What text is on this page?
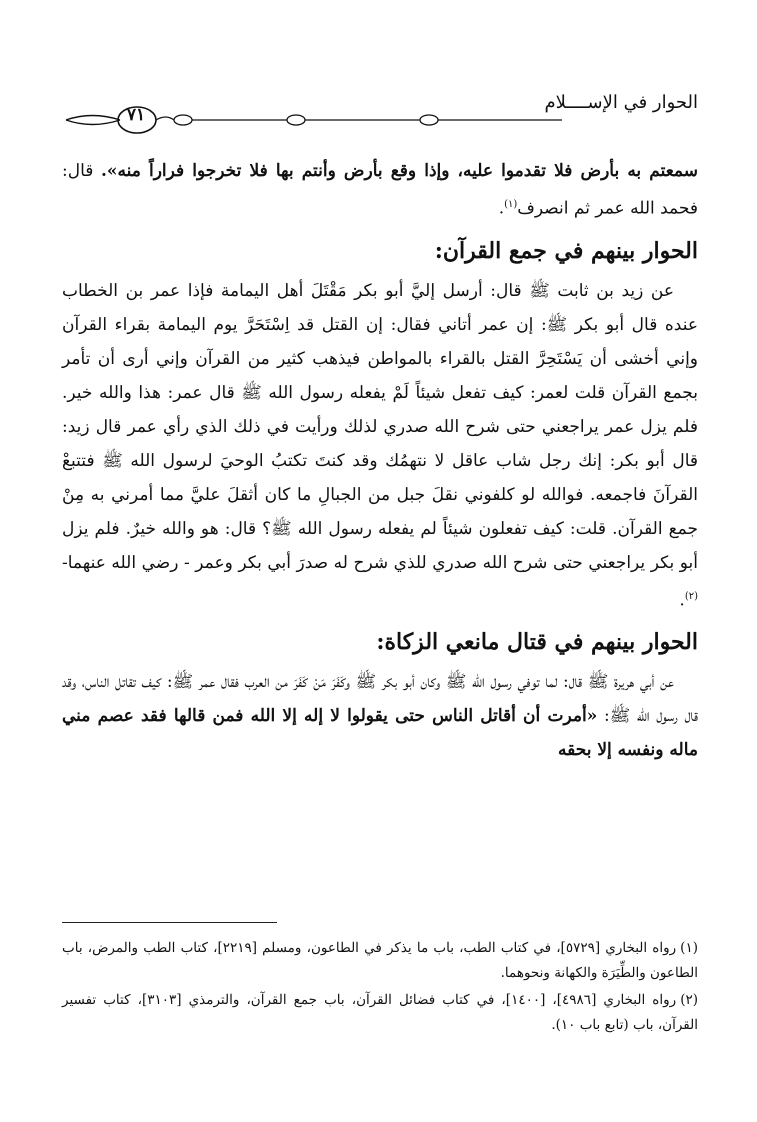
الحوار في الإســــلام
٧١

سمعتم به بأرض فلا تقدموا عليه، وإذا وقع بأرض وأنتم بها فلا تخرجوا فراراً منه». قال: فحمد الله عمر ثم انصرف$^{(١)}$.

الحوار بينهم في جمع القرآن:

عن زيد بن ثابت ﷺ قال: أرسل إليَّ أبو بكر مَقْتَلَ أهل اليمامة فإذا عمر بن الخطاب عنده قال أبو بكر ﷺ: إن عمر أتاني فقال: إن القتل قد اِسْتَحَرَّ يوم اليمامة بقراء القرآن وإني أخشى أن يَسْتَحِرَّ القتل بالقراء بالمواطن فيذهب كثير من القرآن وإني أرى أن تأمر بجمع القرآن قلت لعمر: كيف تفعل شيئاً لَمْ يفعله رسول الله ﷺ قال عمر: هذا والله خير. فلم يزل عمر يراجعني حتى شرح الله صدري لذلك ورأيت في ذلك الذي رأي عمر قال زيد: قال أبو بكر: إنك رجل شاب عاقل لا نتهمُك وقد كنتَ تكتبُ الوحيَ لرسول الله ﷺ فتتبعْ القرآنَ فاجمعه. فوالله لو كلفوني نقلَ جبل من الجبالِ ما كان أثقلَ عليَّ مما أمرني به مِنْ جمع القرآن. قلت: كيف تفعلون شيئاً لم يفعله رسول الله ﷺ؟ قال: هو والله خيرٌ. فلم يزل أبو بكر يراجعني حتى شرح الله صدري للذي شرح له صدرَ أبي بكر وعمر - رضي الله عنهما-$^{(٢)}$.

الحوار بينهم في قتال مانعي الزكاة:

عن أبي هريرة ﷺ قال: لما توفي رسول الله ﷺ وكان أبو بكر ﷺ وكَفَرَ مَنْ كَفَرَ من العرب فقال عمر ﷺ: كيف تقاتل الناس، وقد قال رسول الله ﷺ: «أمرت أن أقاتل الناس حتى يقولوا لا إله إلا الله فمن قالها فقد عصم مني ماله ونفسه إلا بحقه

(١)رواه البخاري [٥٧٢٩]، في كتاب الطب، باب ما يذكر في الطاعون، ومسلم [٢٢١٩]، كتاب الطب والمرض، باب الطاعون والطِّيَرَة والكهانة ونحوهما.

(٢)رواه البخاري [٤٩٨٦]، [١٤٠٠]، في كتاب فضائل القرآن، باب جمع القرآن، والترمذي [٣١٠٣]، كتاب تفسير القرآن، باب (تابع باب ١٠).
